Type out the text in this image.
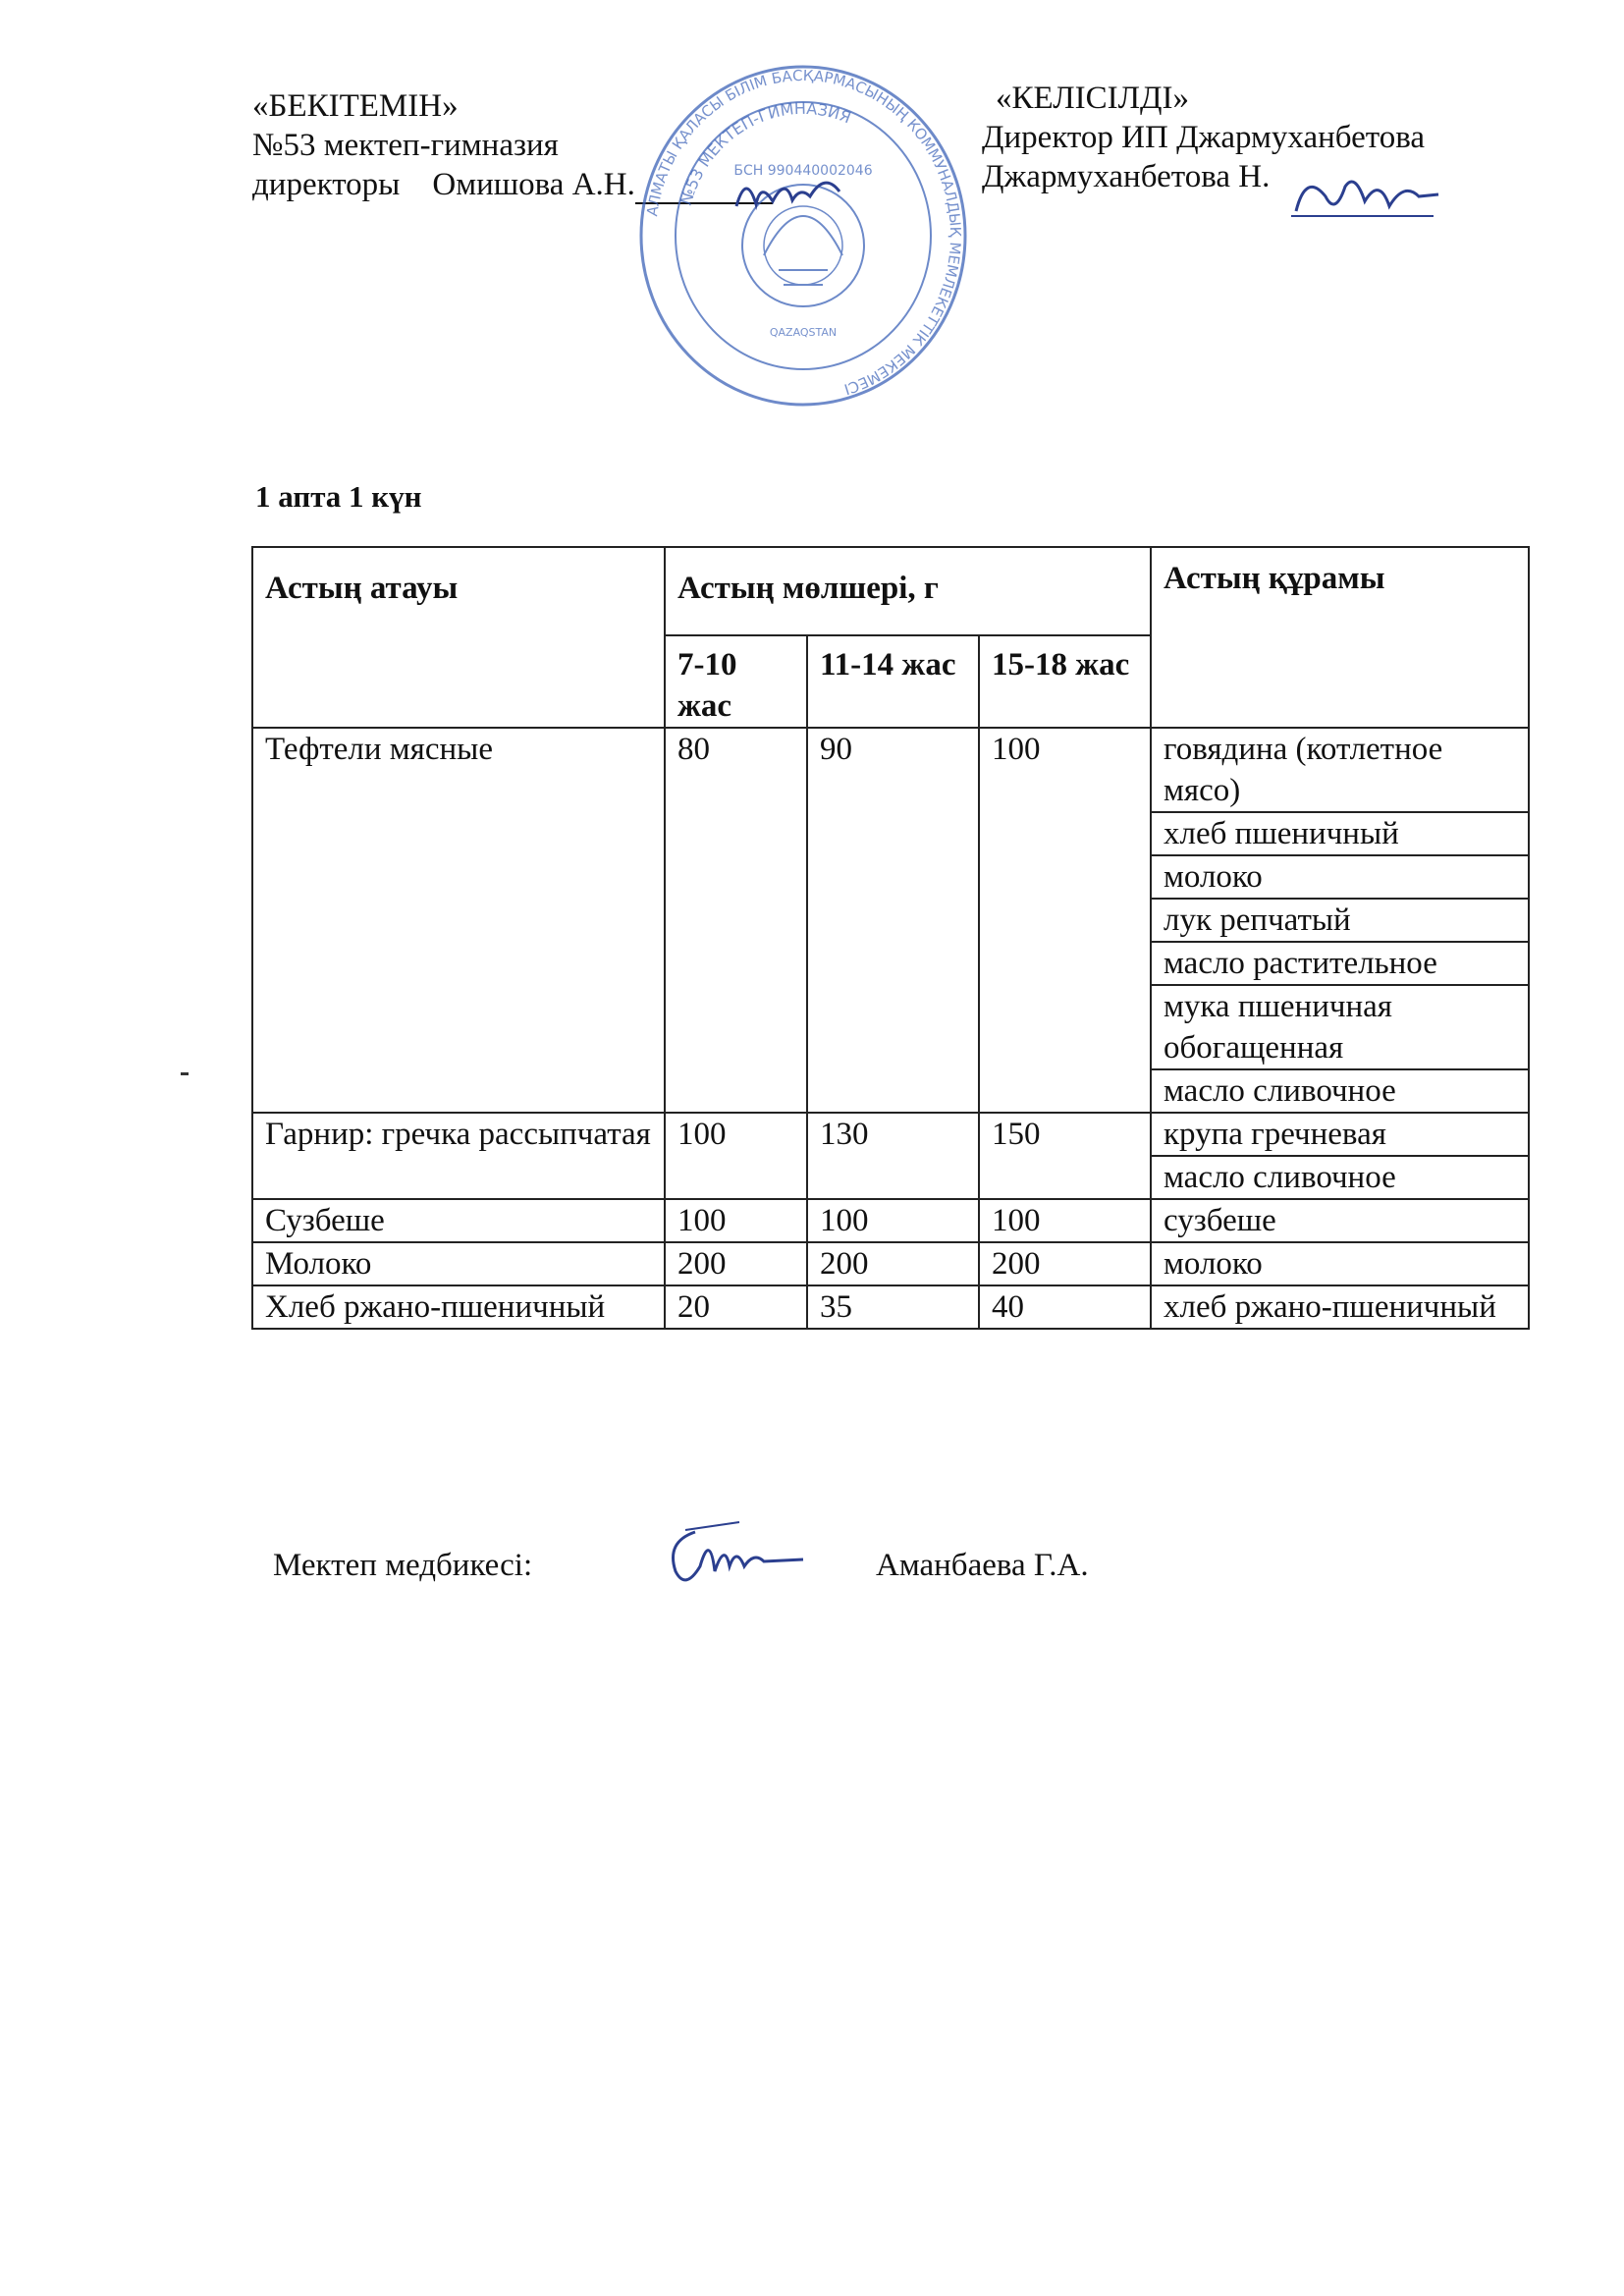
«БЕКІТЕМІН»
№53 мектеп-гимназия
директоры Омишова А.Н.
«КЕЛІСІЛДІ»
Директор ИП Джармуханбетова
Джармуханбетова Н.
АЛМАТЫ ҚАЛАСЫ БІЛІМ БАСҚАРМАСЫНЫҢ КОММУНАЛДЫҚ МЕМЛЕКЕТТІК МЕКЕМЕСІ
№53 МЕКТЕП-ГИМНАЗИЯ
БСН 990440002046
QAZAQSTAN
1 апта 1 күн
Астың атауы	Астың мөлшері, г			Астың құрамы
	7-10 жас	11-14 жас	15-18 жас	
Тефтели мясные	80	90	100	говядина (котлетное мясо)
				хлеб пшеничный
				молоко
				лук репчатый
				масло растительное
				мука пшеничная обогащенная
				масло сливочное
Гарнир: гречка рассыпчатая	100	130	150	крупа гречневая
				масло сливочное
Сузбеше	100	100	100	сузбеше
Молоко	200	200	200	молоко
Хлеб ржано-пшеничный	20	35	40	хлеб ржано-пшеничный
Мектеп медбикесі:	Аманбаева Г.А.
